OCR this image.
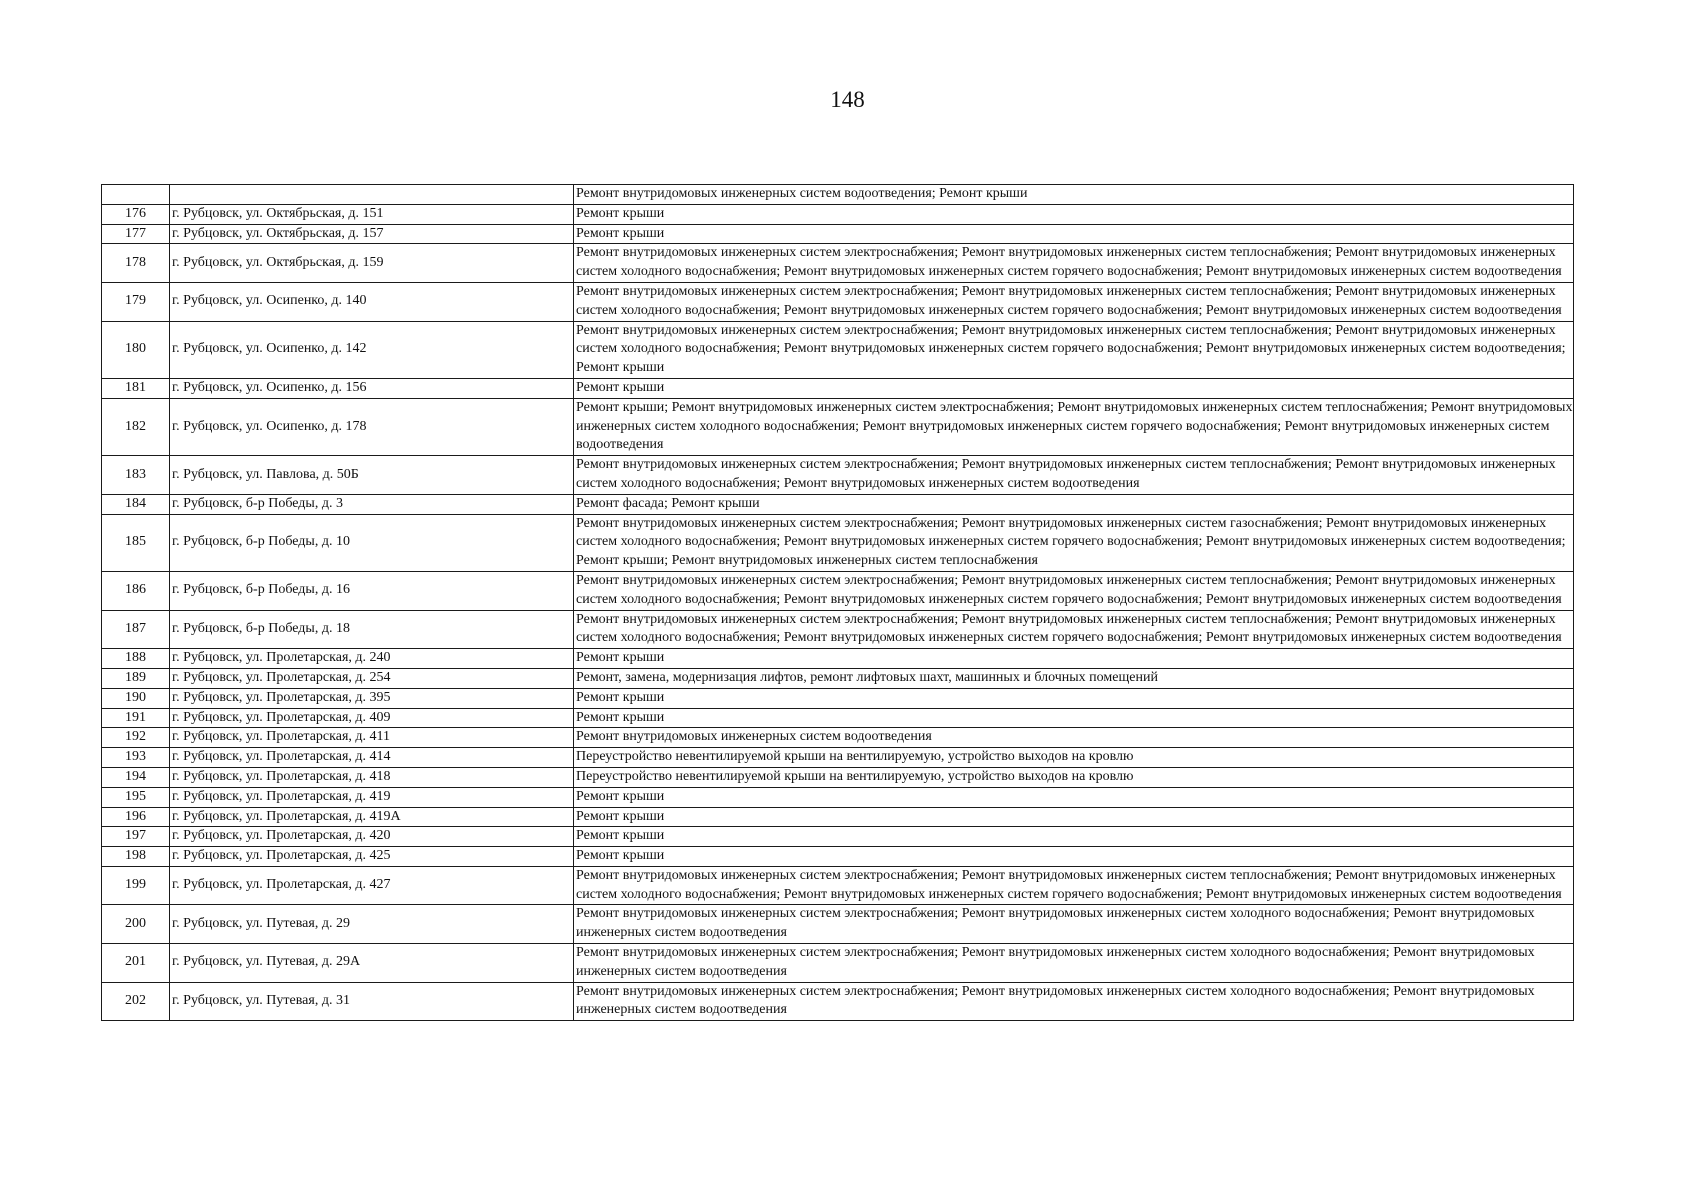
148
		Ремонт внутридомовых инженерных систем водоотведения; Ремонт крыши
176	г. Рубцовск, ул. Октябрьская, д. 151	Ремонт крыши
177	г. Рубцовск, ул. Октябрьская, д. 157	Ремонт крыши
178	г. Рубцовск, ул. Октябрьская, д. 159	Ремонт внутридомовых инженерных систем электроснабжения; Ремонт внутридомовых инженерных систем теплоснабжения; Ремонт внутридомовых инженерных систем холодного водоснабжения; Ремонт внутридомовых инженерных систем горячего водоснабжения; Ремонт внутридомовых инженерных систем водоотведения
179	г. Рубцовск, ул. Осипенко, д. 140	Ремонт внутридомовых инженерных систем электроснабжения; Ремонт внутридомовых инженерных систем теплоснабжения; Ремонт внутридомовых инженерных систем холодного водоснабжения; Ремонт внутридомовых инженерных систем горячего водоснабжения; Ремонт внутридомовых инженерных систем водоотведения
180	г. Рубцовск, ул. Осипенко, д. 142	Ремонт внутридомовых инженерных систем электроснабжения; Ремонт внутридомовых инженерных систем теплоснабжения; Ремонт внутридомовых инженерных систем холодного водоснабжения; Ремонт внутридомовых инженерных систем горячего водоснабжения; Ремонт внутридомовых инженерных систем водоотведения; Ремонт крыши
181	г. Рубцовск, ул. Осипенко, д. 156	Ремонт крыши
182	г. Рубцовск, ул. Осипенко, д. 178	Ремонт крыши; Ремонт внутридомовых инженерных систем электроснабжения; Ремонт внутридомовых инженерных систем теплоснабжения; Ремонт внутридомовых инженерных систем холодного водоснабжения; Ремонт внутридомовых инженерных систем горячего водоснабжения; Ремонт внутридомовых инженерных систем водоотведения
183	г. Рубцовск, ул. Павлова, д. 50Б	Ремонт внутридомовых инженерных систем электроснабжения; Ремонт внутридомовых инженерных систем теплоснабжения; Ремонт внутридомовых инженерных систем холодного водоснабжения; Ремонт внутридомовых инженерных систем водоотведения
184	г. Рубцовск, б-р Победы, д. 3	Ремонт фасада; Ремонт крыши
185	г. Рубцовск, б-р Победы, д. 10	Ремонт внутридомовых инженерных систем электроснабжения; Ремонт внутридомовых инженерных систем газоснабжения; Ремонт внутридомовых инженерных систем холодного водоснабжения; Ремонт внутридомовых инженерных систем горячего водоснабжения; Ремонт внутридомовых инженерных систем водоотведения; Ремонт крыши; Ремонт внутридомовых инженерных систем теплоснабжения
186	г. Рубцовск, б-р Победы, д. 16	Ремонт внутридомовых инженерных систем электроснабжения; Ремонт внутридомовых инженерных систем теплоснабжения; Ремонт внутридомовых инженерных систем холодного водоснабжения; Ремонт внутридомовых инженерных систем горячего водоснабжения; Ремонт внутридомовых инженерных систем водоотведения
187	г. Рубцовск, б-р Победы, д. 18	Ремонт внутридомовых инженерных систем электроснабжения; Ремонт внутридомовых инженерных систем теплоснабжения; Ремонт внутридомовых инженерных систем холодного водоснабжения; Ремонт внутридомовых инженерных систем горячего водоснабжения; Ремонт внутридомовых инженерных систем водоотведения
188	г. Рубцовск, ул. Пролетарская, д. 240	Ремонт крыши
189	г. Рубцовск, ул. Пролетарская, д. 254	Ремонт, замена, модернизация лифтов, ремонт лифтовых шахт, машинных и блочных помещений
190	г. Рубцовск, ул. Пролетарская, д. 395	Ремонт крыши
191	г. Рубцовск, ул. Пролетарская, д. 409	Ремонт крыши
192	г. Рубцовск, ул. Пролетарская, д. 411	Ремонт внутридомовых инженерных систем водоотведения
193	г. Рубцовск, ул. Пролетарская, д. 414	Переустройство невентилируемой крыши на вентилируемую, устройство выходов на кровлю
194	г. Рубцовск, ул. Пролетарская, д. 418	Переустройство невентилируемой крыши на вентилируемую, устройство выходов на кровлю
195	г. Рубцовск, ул. Пролетарская, д. 419	Ремонт крыши
196	г. Рубцовск, ул. Пролетарская, д. 419А	Ремонт крыши
197	г. Рубцовск, ул. Пролетарская, д. 420	Ремонт крыши
198	г. Рубцовск, ул. Пролетарская, д. 425	Ремонт крыши
199	г. Рубцовск, ул. Пролетарская, д. 427	Ремонт внутридомовых инженерных систем электроснабжения; Ремонт внутридомовых инженерных систем теплоснабжения; Ремонт внутридомовых инженерных систем холодного водоснабжения; Ремонт внутридомовых инженерных систем горячего водоснабжения; Ремонт внутридомовых инженерных систем водоотведения
200	г. Рубцовск, ул. Путевая, д. 29	Ремонт внутридомовых инженерных систем электроснабжения; Ремонт внутридомовых инженерных систем холодного водоснабжения; Ремонт внутридомовых инженерных систем водоотведения
201	г. Рубцовск, ул. Путевая, д. 29А	Ремонт внутридомовых инженерных систем электроснабжения; Ремонт внутридомовых инженерных систем холодного водоснабжения; Ремонт внутридомовых инженерных систем водоотведения
202	г. Рубцовск, ул. Путевая, д. 31	Ремонт внутридомовых инженерных систем электроснабжения; Ремонт внутридомовых инженерных систем холодного водоснабжения; Ремонт внутридомовых инженерных систем водоотведения
